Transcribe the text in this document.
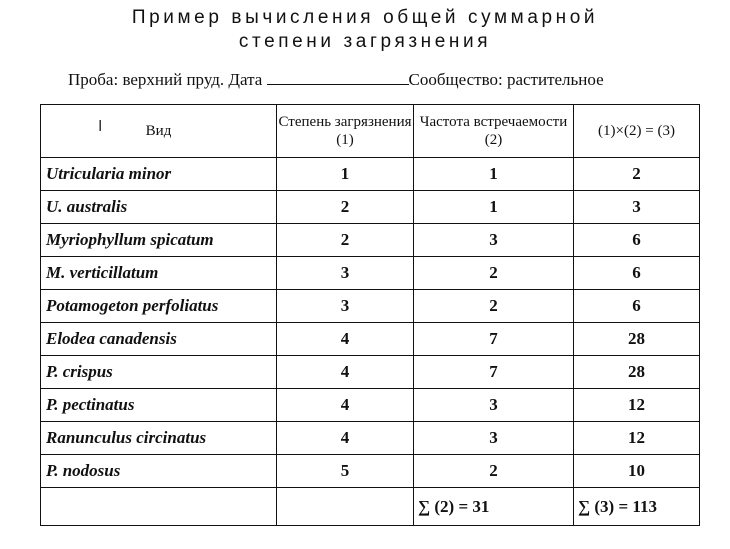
Пример вычисления общей суммарной
степени загрязнения
Проба: верхний пруд. Дата	Сообщество: растительное
Вид	Степень загрязнения (1)	Частота встречаемости (2)	(1)×(2) = (3)
Utricularia minor	1	1	2
U. australis	2	1	3
Myriophyllum spicatum	2	3	6
M. verticillatum	3	2	6
Potamogeton perfoliatus	3	2	6
Elodea canadensis	4	7	28
P. crispus	4	7	28
P. pectinatus	4	3	12
Ranunculus circinatus	4	3	12
P. nodosus	5	2	10
		∑ (2) = 31	∑ (3) = 113
I
